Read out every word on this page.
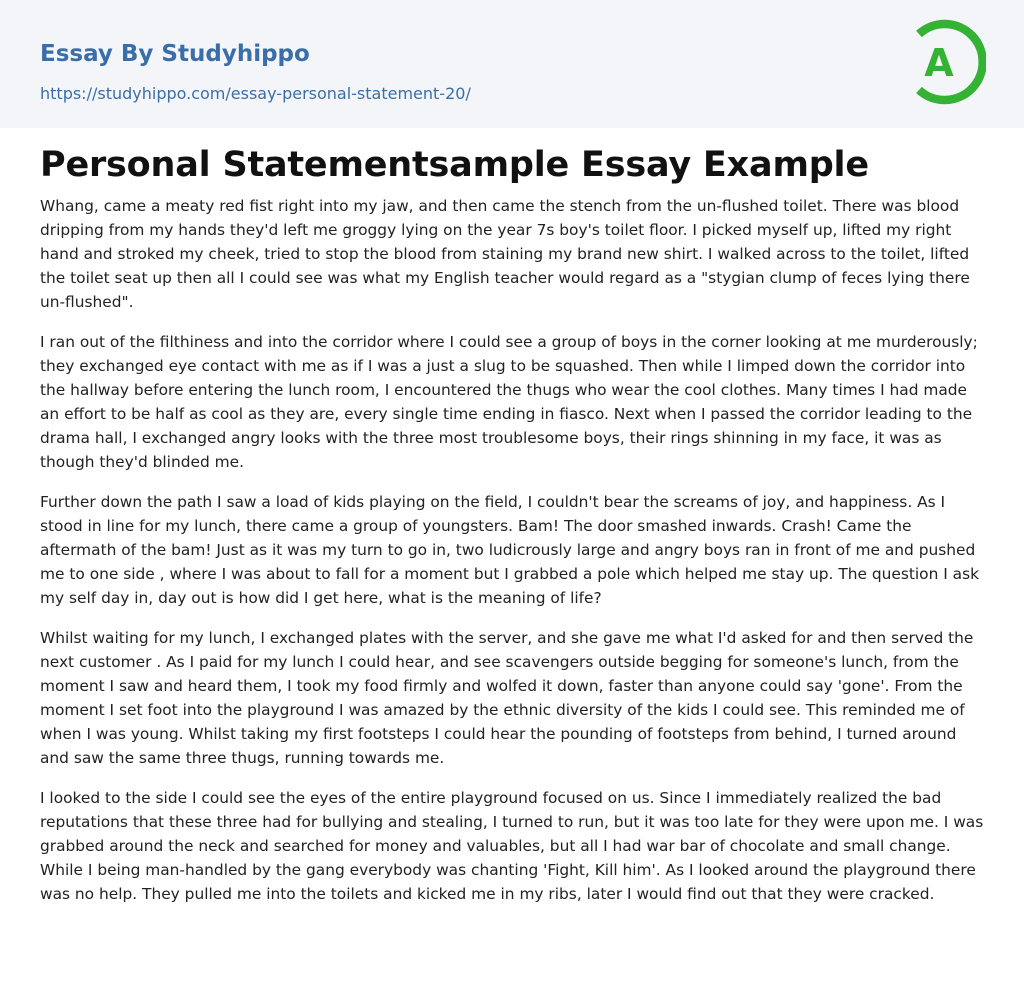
Essay By Studyhippo
https://studyhippo.com/essay-personal-statement-20/
A
Personal Statementsample Essay Example

Whang, came a meaty red fist right into my jaw, and then came the stench from the un-flushed toilet. There was blood dripping from my hands they'd left me groggy lying on the year 7s boy's toilet floor. I picked myself up, lifted my right hand and stroked my cheek, tried to stop the blood from staining my brand new shirt. I walked across to the toilet, lifted the toilet seat up then all I could see was what my English teacher would regard as a "stygian clump of feces lying there un-flushed".

I ran out of the filthiness and into the corridor where I could see a group of boys in the corner looking at me murderously; they exchanged eye contact with me as if I was a just a slug to be squashed. Then while I limped down the corridor into the hallway before entering the lunch room, I encountered the thugs who wear the cool clothes. Many times I had made an effort to be half as cool as they are, every single time ending in fiasco. Next when I passed the corridor leading to the drama hall, I exchanged angry looks with the three most troublesome boys, their rings shinning in my face, it was as though they'd blinded me.

Further down the path I saw a load of kids playing on the field, I couldn't bear the screams of joy, and happiness. As I stood in line for my lunch, there came a group of youngsters. Bam! The door smashed inwards. Crash! Came the aftermath of the bam! Just as it was my turn to go in, two ludicrously large and angry boys ran in front of me and pushed me to one side , where I was about to fall for a moment but I grabbed a pole which helped me stay up. The question I ask my self day in, day out is how did I get here, what is the meaning of life?

Whilst waiting for my lunch, I exchanged plates with the server, and she gave me what I'd asked for and then served the next customer . As I paid for my lunch I could hear, and see scavengers outside begging for someone's lunch, from the moment I saw and heard them, I took my food firmly and wolfed it down, faster than anyone could say 'gone'. From the moment I set foot into the playground I was amazed by the ethnic diversity of the kids I could see. This reminded me of when I was young. Whilst taking my first footsteps I could hear the pounding of footsteps from behind, I turned around and saw the same three thugs, running towards me.

I looked to the side I could see the eyes of the entire playground focused on us. Since I immediately realized the bad reputations that these three had for bullying and stealing, I turned to run, but it was too late for they were upon me. I was grabbed around the neck and searched for money and valuables, but all I had war bar of chocolate and small change. While I being man-handled by the gang everybody was chanting 'Fight, Kill him'. As I looked around the playground there was no help. They pulled me into the toilets and kicked me in my ribs, later I would find out that they were cracked.
